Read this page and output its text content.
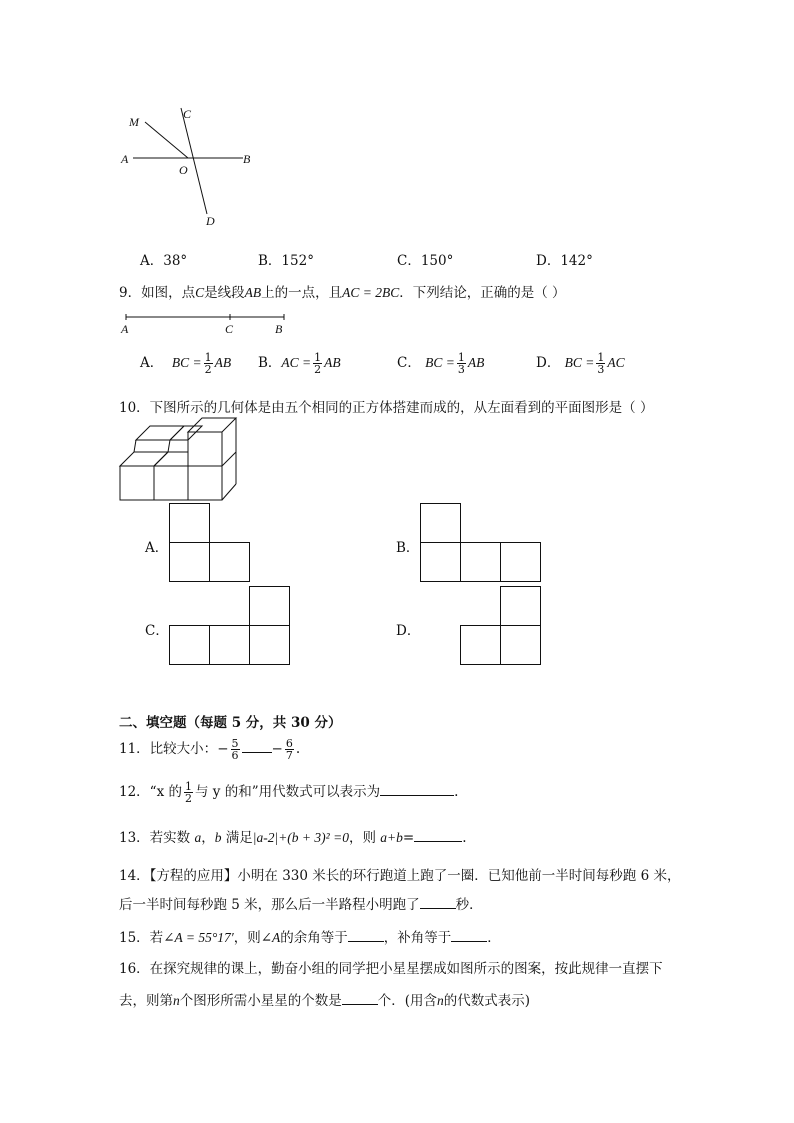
M
C
A
O
B
D
A．38°	B．152°	C．150°	D．142°
9．如图，点C是线段AB上的一点，且AC = 2BC．下列结论，正确的是（ ）
A	C	B
A． BC = $\frac{1}{2}$ AB B．AC = $\frac{1}{2}$ AB	C． BC = $\frac{1}{3}$ AB	D． BC = $\frac{1}{3}$ AC
10．下图所示的几何体是由五个相同的正方体搭建而成的，从左面看到的平面图形是（ ）
A．	B．
C．	D．
二、填空题（每题 5 分，共 30 分）
11．比较大小：− $\frac{5}{6} - \frac{6}{7}$ .
12．“x 的 $\frac{1}{2}$ 与 y 的和”用代数式可以表示为	.
13．若实数 a，b 满足|a-2|+(b + 3)² =0，则 a+b=	.
14．【方程的应用】小明在 330 米长的环行跑道上跑了一圈．已知他前一半时间每秒跑 6 米，
后一半时间每秒跑 5 米，那么后一半路程小明跑了	秒．
15．若∠A = 55°17′，则∠A的余角等于	，补角等于	．
16．在探究规律的课上，勤奋小组的同学把小星星摆成如图所示的图案，按此规律一直摆下
去，则第n个图形所需小星星的个数是	个．(用含n的代数式表示)
